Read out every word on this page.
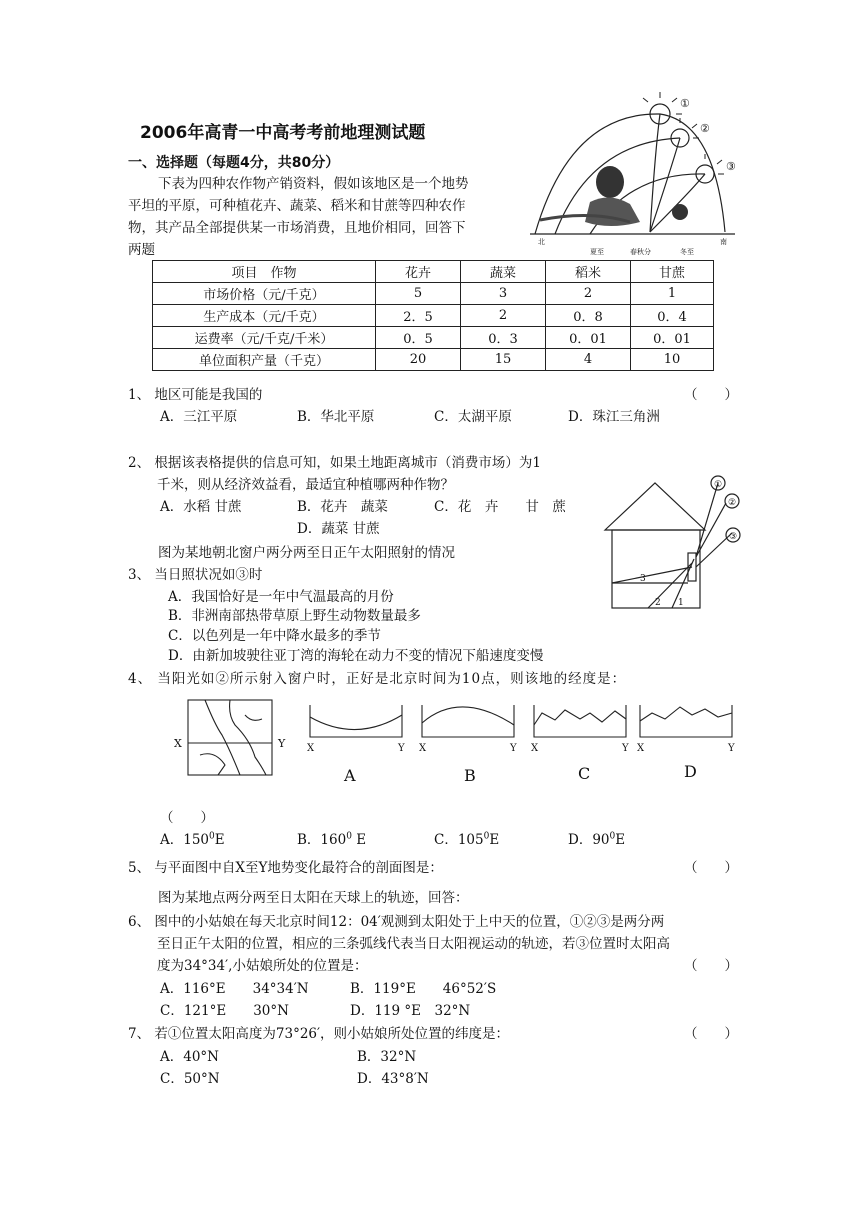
2006年高青一中高考考前地理测试题
一、选择题（每题4分，共80分）
下表为四种农作物产销资料，假如该地区是一个地势
平坦的平原，可种植花卉、蔬菜、稻米和甘蔗等四种农作
物，其产品全部提供某一市场消费，且地价相同，回答下
两题
①
②
③
北	南
夏至	春秋分	冬至
项目　作物	花卉	蔬菜	稻米	甘蔗
市场价格（元/千克）	5	3	2	1
生产成本（元/千克）	2．5	2	0．8	0．4
运费率（元/千克/千米）	0．5	0．3	0．01	0．01
单位面积产量（千克）	20	15	4	10
1、 地区可能是我国的	（　　）
A．三江平原	B．华北平原	C．太湖平原	D．珠江三角洲
2、 根据该表格提供的信息可知，如果土地距离城市（消费市场）为1
千米，则从经济效益看，最适宜种植哪两种作物？
A．水稻 甘蔗	B．花卉　蔬菜	C．花　卉　　甘　蔗
D．蔬菜 甘蔗
①
②
③
3
2 1
图为某地朝北窗户两分两至日正午太阳照射的情况
3、 当日照状况如③时
A．我国恰好是一年中气温最高的月份
B．非洲南部热带草原上野生动物数量最多
C．以色列是一年中降水最多的季节
D．由新加坡驶往亚丁湾的海轮在动力不变的情况下船速度变慢
4、 当阳光如②所示射入窗户时，正好是北京时间为10点，则该地的经度是：
X	Y X	Y X	Y X	Y X	Y
A	B	C	D
（　　）
A．$150^0E$	B．$160^0$ E	C．$105^0E$	D．$90^0E$
5、 与平面图中自X至Y地势变化最符合的剖面图是：	（　　）
图为某地点两分两至日太阳在天球上的轨迹，回答：
6、 图中的小姑娘在每天北京时间12：04′观测到太阳处于上中天的位置，①②③是两分两
至日正午太阳的位置，相应的三条弧线代表当日太阳视运动的轨迹，若③位置时太阳高
度为34°34′,小姑娘所处的位置是：	（　　）
A．116°E　　34°34′N	B．119°E　　46°52′S
C．121°E　　30°N	D．119 °E　32°N
7、 若①位置太阳高度为73°26′，则小姑娘所处位置的纬度是：	（　　）
A．40°N	B．32°N
C．50°N	D．43°8′N
